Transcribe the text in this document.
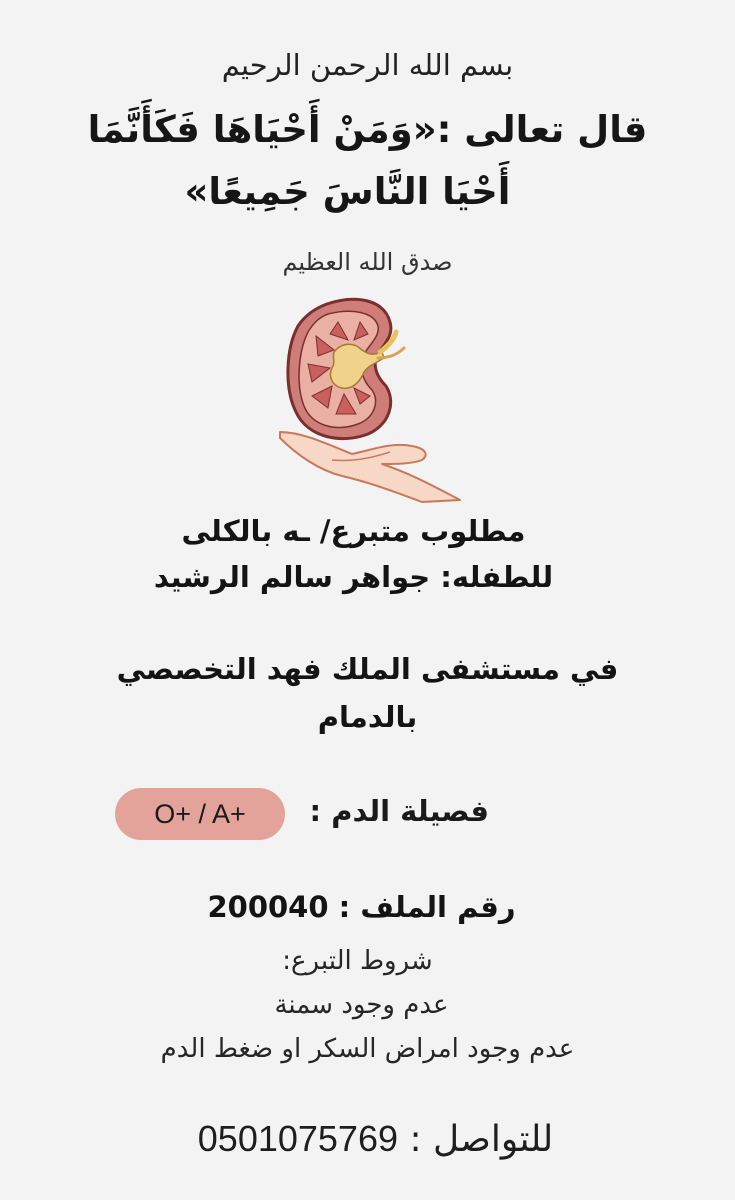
بسم الله الرحمن الرحيم
قال تعالى :«وَمَنْ أَحْيَاهَا فَكَأَنَّمَا
أَحْيَا النَّاسَ جَمِيعًا»
صدق الله العظيم
مطلوب متبرع/ ـه بالكلى
للطفله: جواهر سالم الرشيد
في مستشفى الملك فهد التخصصي
بالدمام
فصيلة الدم :
O+ / A+
رقم الملف : 200040
شروط التبرع:
عدم وجود سمنة
عدم وجود امراض السكر او ضغط الدم
للتواصل : 0501075769
